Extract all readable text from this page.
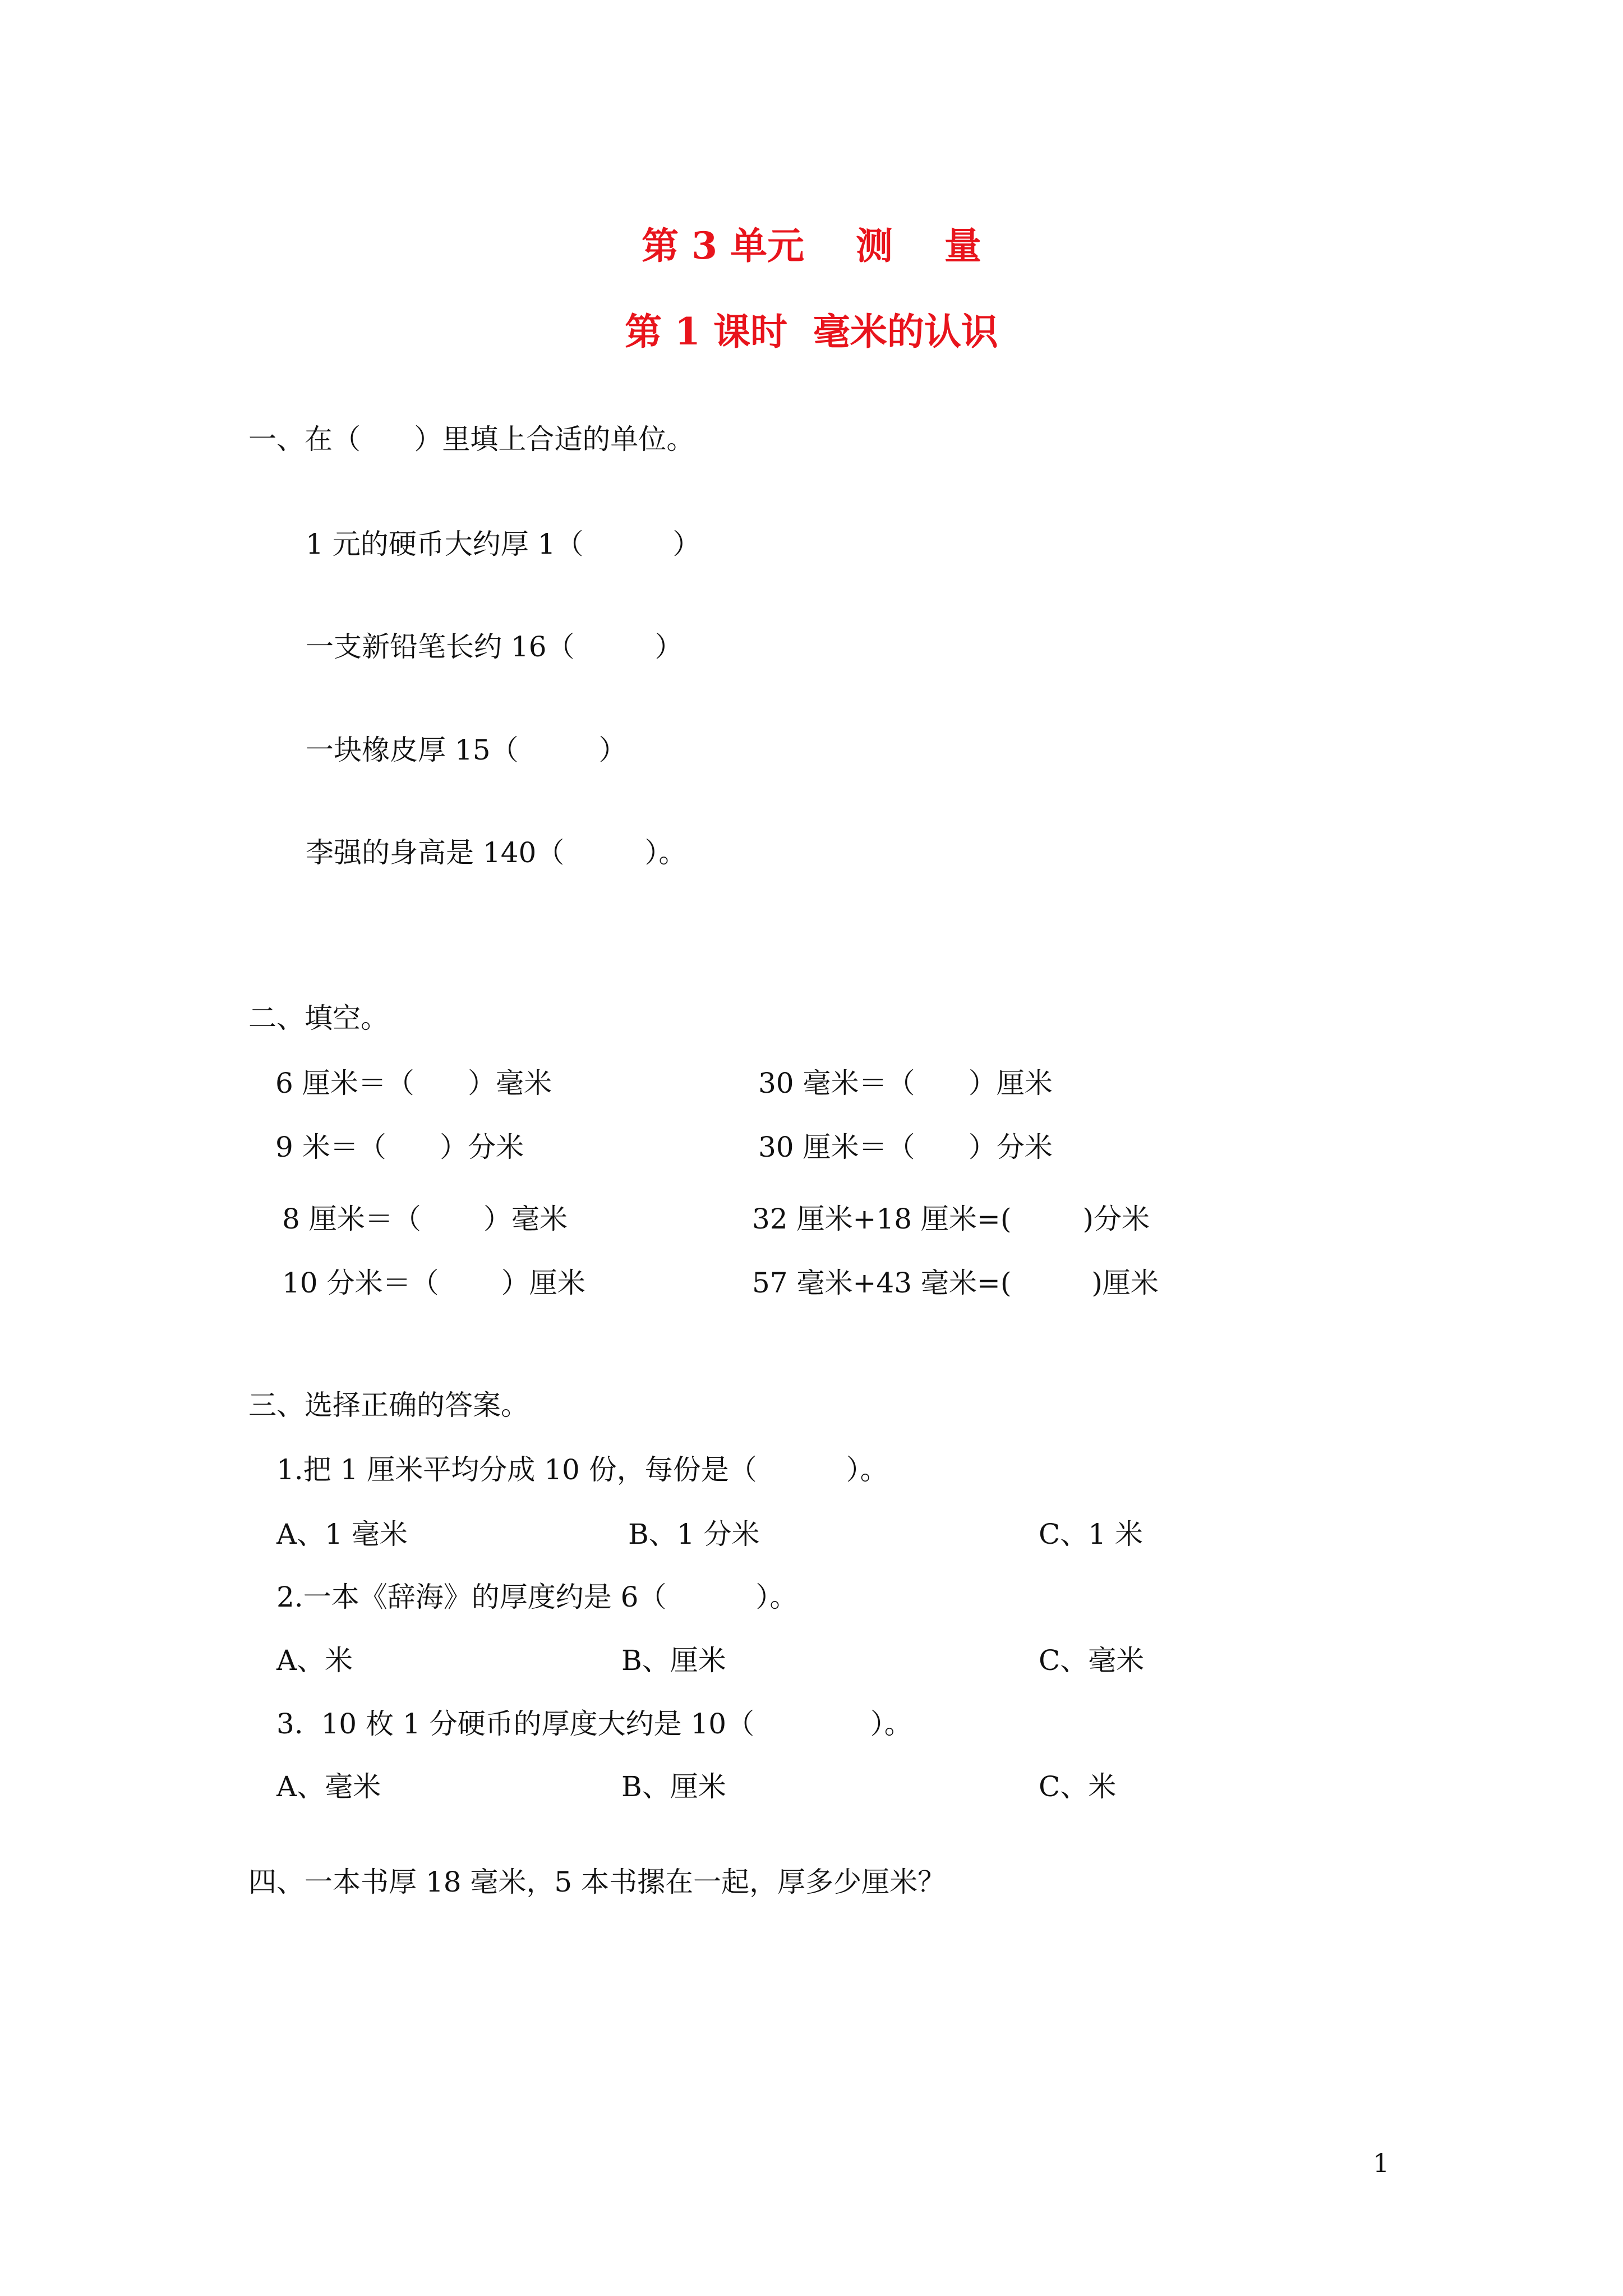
第 3 单元    测    量
第 1 课时  毫米的认识
一、在（      ）里填上合适的单位。
1 元的硬币大约厚 1（          ）
一支新铅笔长约 16（         ）
一块橡皮厚 15（         ）
李强的身高是 140（         ）。
二、填空。
6 厘米＝（      ）毫米	30 毫米＝（      ）厘米
9 米＝（      ）分米	30 厘米＝（      ）分米
8 厘米＝（       ）毫米	32 厘米+18 厘米=(        )分米
10 分米＝（       ）厘米	57 毫米+43 毫米=(         )厘米
三、选择正确的答案。
1.把 1 厘米平均分成 10 份，每份是（          ）。
A、1 毫米	B、1 分米	C、1 米
2.一本《辞海》的厚度约是 6（          ）。
A、米	B、厘米	C、毫米
3.  10 枚 1 分硬币的厚度大约是 10（             ）。
A、毫米	B、厘米	C、米
四、一本书厚 18 毫米，5 本书摞在一起，厚多少厘米？
1
